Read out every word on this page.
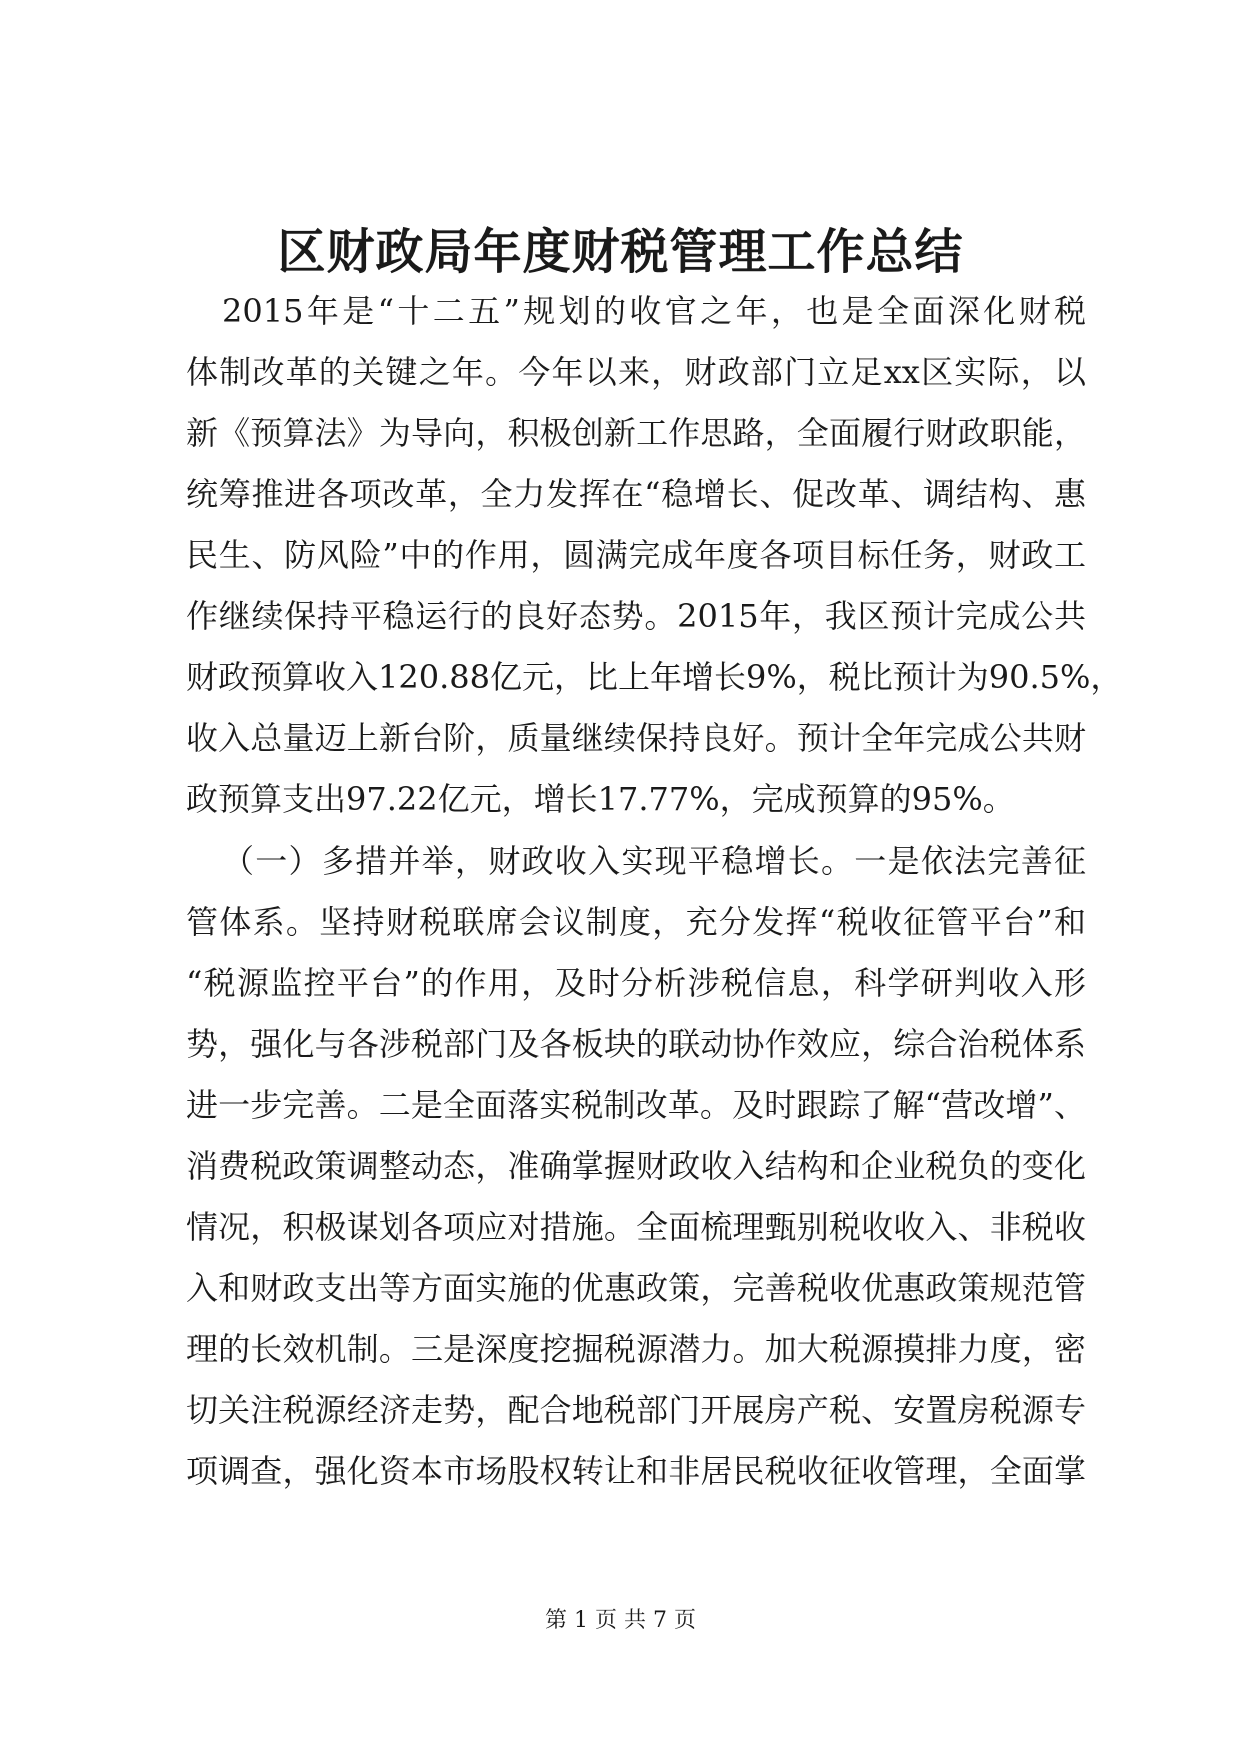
区财政局年度财税管理工作总结

2015年是“十二五”规划的收官之年，也是全面深化财税

体制改革的关键之年。今年以来，财政部门立足xx区实际，以

新《预算法》为导向，积极创新工作思路，全面履行财政职能，

统筹推进各项改革，全力发挥在“稳增长、促改革、调结构、惠

民生、防风险”中的作用，圆满完成年度各项目标任务，财政工

作继续保持平稳运行的良好态势。2015年，我区预计完成公共

财政预算收入120.88亿元，比上年增长9%，税比预计为90.5%，

收入总量迈上新台阶，质量继续保持良好。预计全年完成公共财

政预算支出97.22亿元，增长17.77%，完成预算的95%。

（一）多措并举，财政收入实现平稳增长。一是依法完善征

管体系。坚持财税联席会议制度，充分发挥“税收征管平台”和

“税源监控平台”的作用，及时分析涉税信息，科学研判收入形

势，强化与各涉税部门及各板块的联动协作效应，综合治税体系

进一步完善。二是全面落实税制改革。及时跟踪了解“营改增”、

消费税政策调整动态，准确掌握财政收入结构和企业税负的变化

情况，积极谋划各项应对措施。全面梳理甄别税收收入、非税收

入和财政支出等方面实施的优惠政策，完善税收优惠政策规范管

理的长效机制。三是深度挖掘税源潜力。加大税源摸排力度，密

切关注税源经济走势，配合地税部门开展房产税、安置房税源专

项调查，强化资本市场股权转让和非居民税收征收管理，全面掌

第 1 页 共 7 页
